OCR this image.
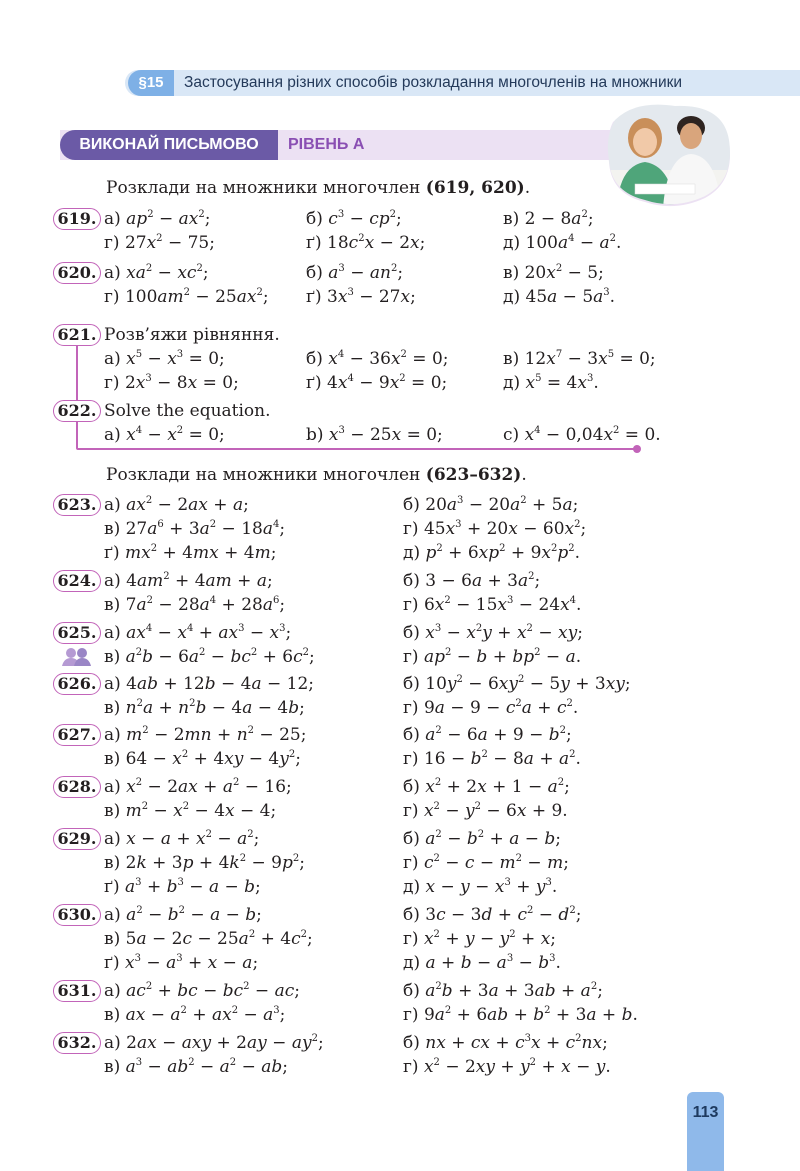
§15	Застосування різних способів розкладання многочленів на множники
ВИКОНАЙ ПИСЬМОВО	РІВЕНЬ А
Розклади на множники многочлен (619, 620).
619. а) $ap^2 - ax^2$;	б) $c^3 - cp^2$;	в) $2 - 8a^2$;
г) $27x^2 - 75$;	ґ) $18c^2x - 2x$;	д) $100a^4 - a^2$.
620. а) $xa^2 - xc^2$;	б) $a^3 - an^2$;	в) $20x^2 - 5$;
г) $100am^2 - 25ax^2$; ґ) $3x^3 - 27x$;	д) $45a - 5a^3$.
621. Розв’яжи рівняння.
а) $x^5 - x^3 = 0$;	б) $x^4 - 36x^2 = 0$;	в) $12x^7 - 3x^5 = 0$;
г) $2x^3 - 8x = 0$;	ґ) $4x^4 - 9x^2 = 0$;	д) $x^5 = 4x^3$.
622. Solve the equation.
a) $x^4 - x^2 = 0$;	b) $x^3 - 25x = 0$;	c) $x^4 - 0,04x^2 = 0$.
Розклади на множники многочлен (623–632).
623. а) $ax^2 - 2ax + a$;	б) $20a^3 - 20a^2 + 5a$;
в) $27a^6 + 3a^2 - 18a^4$;	г) $45x^3 + 20x - 60x^2$;
ґ) $mx^2 + 4mx + 4m$;	д) $p^2 + 6xp^2 + 9x^2p^2$.
624. а) $4am^2 + 4am + a$;	б) $3 - 6a + 3a^2$;
в) $7a^2 - 28a^4 + 28a^6$;	г) $6x^2 - 15x^3 - 24x^4$.
625. а) $ax^4 - x^4 + ax^3 - x^3$;	б) $x^3 - x^2y + x^2$ − xy;
в) $a^2b - 6a^2 - bc^2 + 6c^2$;	г) $ap^2 - b + bp^2 - a$.
626. а) 4ab + 12b − 4a − 12;	б) $10y^2 - 6xy^2 - 5y + 3xy$;
в) $n^2a + n^2b - 4a - 4b$;	г) $9a - 9 - c^2a + c^2$.
627. а) $m^2 - 2mn + n^2 - 25$;	б) $a^2 - 6a + 9 - b^2$;
в) $64 - x^2 + 4xy - 4y^2$;	г) $16 - b^2 - 8a + a^2$.
628. а) $x^2 - 2ax + a^2 - 16$;	б) $x^2 + 2x + 1 - a^2$;
в) $m^2 - x^2 - 4x - 4$;	г) $x^2 - y^2 - 6x + 9$.
629. а) $x - a + x^2 - a^2$;	б) $a^2 - b^2 + a - b$;
в) $2k + 3p + 4k^2 - 9p^2$;	г) $c^2 - c - m^2 - m$;
ґ) $a^3 + b^3 - a - b$;	д) $x - y - x^3 + y^3$.
630. а) $a^2 - b^2 - a - b$;	б) $3c - 3d + c^2 - d^2$;
в) $5a - 2c - 25a^2 + 4c^2$;	г) $x^2 + y - y^2 + x$;
ґ) $x^3 - a^3 + x - a$;	д) $a + b - a^3 - b^3$.
631. а) $ac^2$ + bc − $bc^2$ − ac;	б) $a^2b + 3a + 3ab + a^2$;
в) ax − $a^2 + ax^2 - a^3$;	г) $9a^2 + 6ab + b^2 + 3a + b$.
632. а) 2ax − axy + $2ay - ay^2$;	б) nx + cx + $c^3x + c^2nx$;
в) $a^3 - ab^2 - a^2$ − ab;	г) $x^2 - 2xy + y^2 + x - y$.
113
